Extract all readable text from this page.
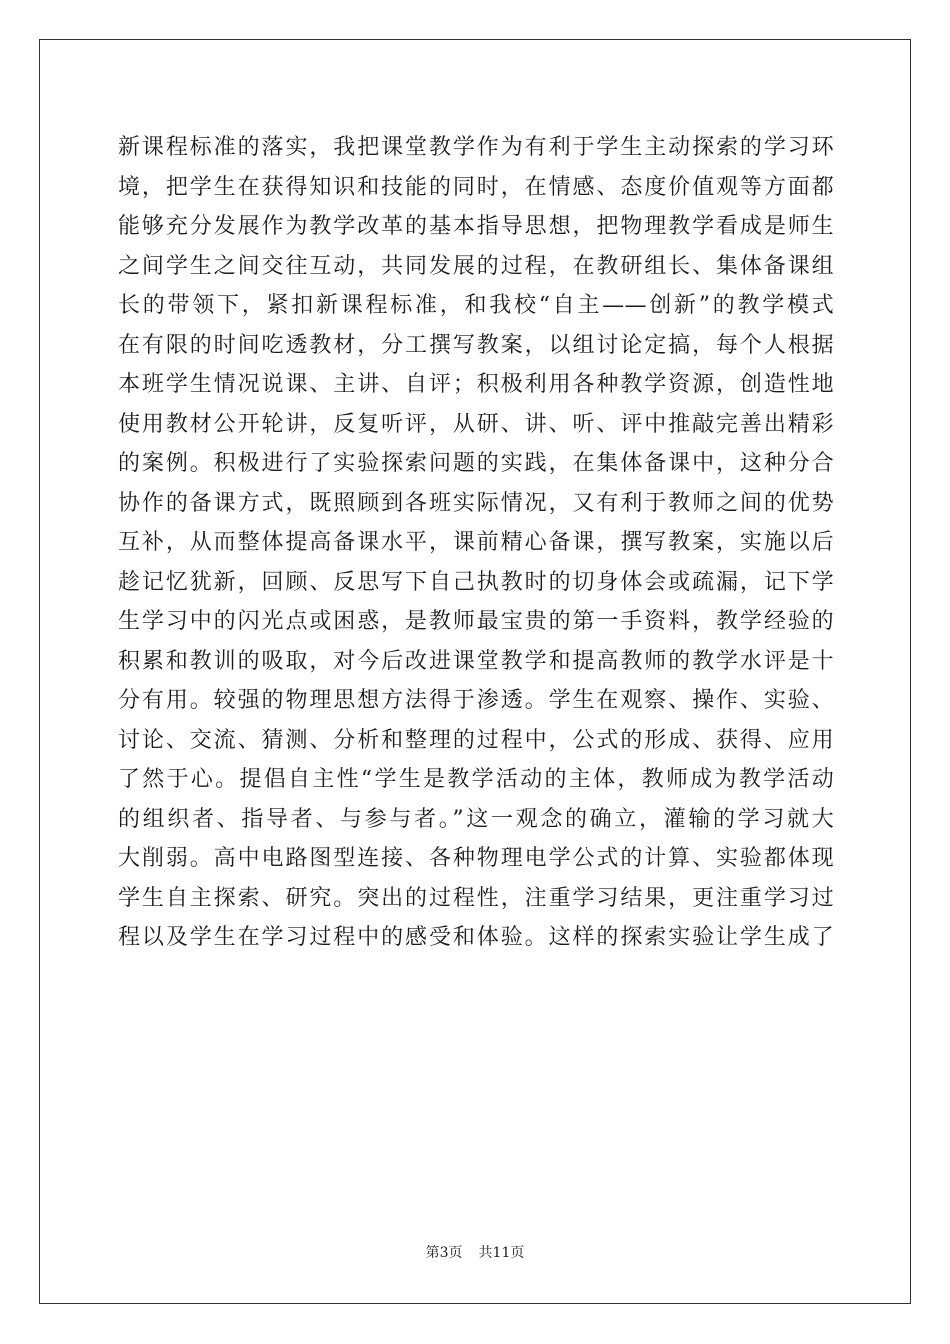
新课程标准的落实，我把课堂教学作为有利于学生主动探索的学习环
境，把学生在获得知识和技能的同时，在情感、态度价值观等方面都
能够充分发展作为教学改革的基本指导思想，把物理教学看成是师生
之间学生之间交往互动，共同发展的过程，在教研组长、集体备课组
长的带领下，紧扣新课程标准，和我校“自主——创新”的教学模式
在有限的时间吃透教材，分工撰写教案，以组讨论定搞，每个人根据
本班学生情况说课、主讲、自评；积极利用各种教学资源，创造性地
使用教材公开轮讲，反复听评，从研、讲、听、评中推敲完善出精彩
的案例。积极进行了实验探索问题的实践，在集体备课中，这种分合
协作的备课方式，既照顾到各班实际情况，又有利于教师之间的优势
互补，从而整体提高备课水平，课前精心备课，撰写教案，实施以后
趁记忆犹新，回顾、反思写下自己执教时的切身体会或疏漏，记下学
生学习中的闪光点或困惑，是教师最宝贵的第一手资料，教学经验的
积累和教训的吸取，对今后改进课堂教学和提高教师的教学水评是十
分有用。较强的物理思想方法得于渗透。学生在观察、操作、实验、
讨论、交流、猜测、分析和整理的过程中，公式的形成、获得、应用
了然于心。提倡自主性“学生是教学活动的主体，教师成为教学活动
的组织者、指导者、与参与者。”这一观念的确立，灌输的学习就大
大削弱。高中电路图型连接、各种物理电学公式的计算、实验都体现
学生自主探索、研究。突出的过程性，注重学习结果，更注重学习过
程以及学生在学习过程中的感受和体验。这样的探索实验让学生成了
第3页 共11页
